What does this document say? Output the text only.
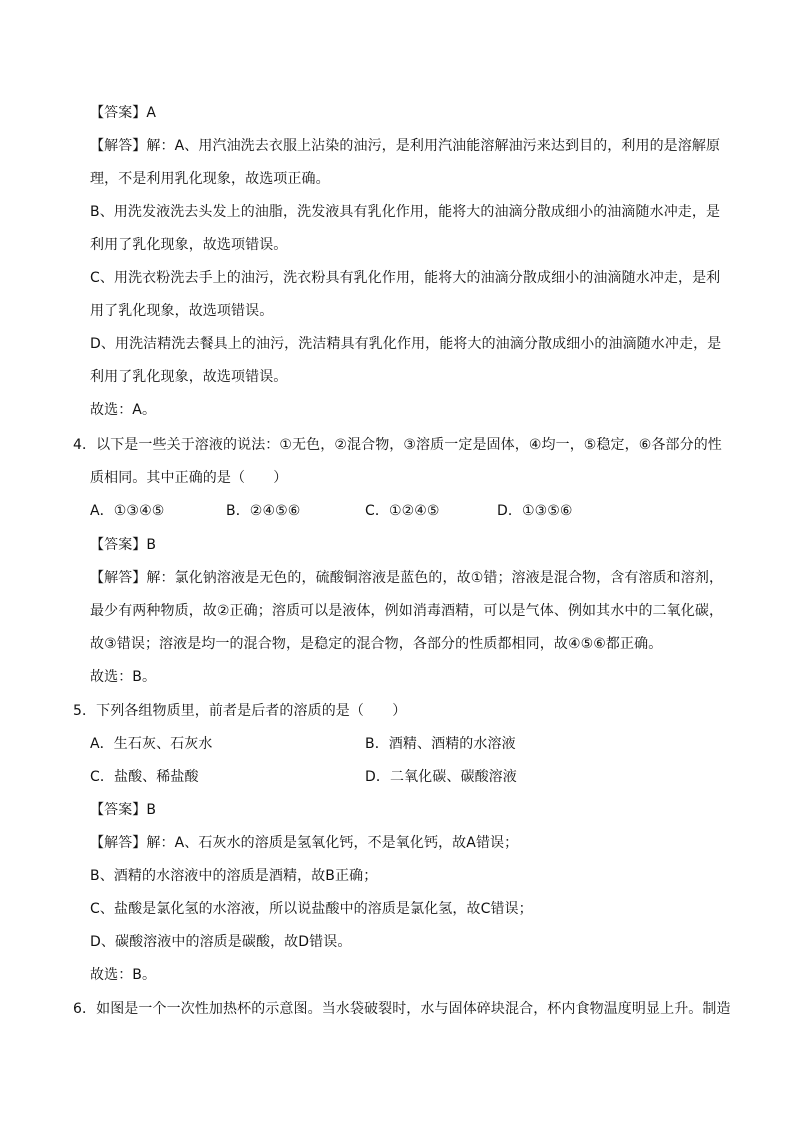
【答案】A
【解答】解：A、用汽油洗去衣服上沾染的油污，是利用汽油能溶解油污来达到目的，利用的是溶解原
理，不是利用乳化现象，故选项正确。
B、用洗发液洗去头发上的油脂，洗发液具有乳化作用，能将大的油滴分散成细小的油滴随水冲走，是
利用了乳化现象，故选项错误。
C、用洗衣粉洗去手上的油污，洗衣粉具有乳化作用，能将大的油滴分散成细小的油滴随水冲走，是利
用了乳化现象，故选项错误。
D、用洗洁精洗去餐具上的油污，洗洁精具有乳化作用，能将大的油滴分散成细小的油滴随水冲走，是
利用了乳化现象，故选项错误。
故选：A。
4．以下是一些关于溶液的说法：①无色，②混合物，③溶质一定是固体，④均一，⑤稳定，⑥各部分的性
质相同。其中正确的是（　　）
A．①③④⑤	B．②④⑤⑥	C．①②④⑤	D．①③⑤⑥
【答案】B
【解答】解：氯化钠溶液是无色的，硫酸铜溶液是蓝色的，故①错；溶液是混合物，含有溶质和溶剂，
最少有两种物质，故②正确；溶质可以是液体，例如消毒酒精，可以是气体、例如其水中的二氧化碳，
故③错误；溶液是均一的混合物，是稳定的混合物，各部分的性质都相同，故④⑤⑥都正确。
故选：B。
5．下列各组物质里，前者是后者的溶质的是（　　）
A．生石灰、石灰水	B．酒精、酒精的水溶液
C．盐酸、稀盐酸	D．二氧化碳、碳酸溶液
【答案】B
【解答】解：A、石灰水的溶质是氢氧化钙，不是氧化钙，故A错误；
B、酒精的水溶液中的溶质是酒精，故B正确；
C、盐酸是氯化氢的水溶液，所以说盐酸中的溶质是氯化氢，故C错误；
D、碳酸溶液中的溶质是碳酸，故D错误。
故选：B。
6．如图是一个一次性加热杯的示意图。当水袋破裂时，水与固体碎块混合，杯内食物温度明显上升。制造
